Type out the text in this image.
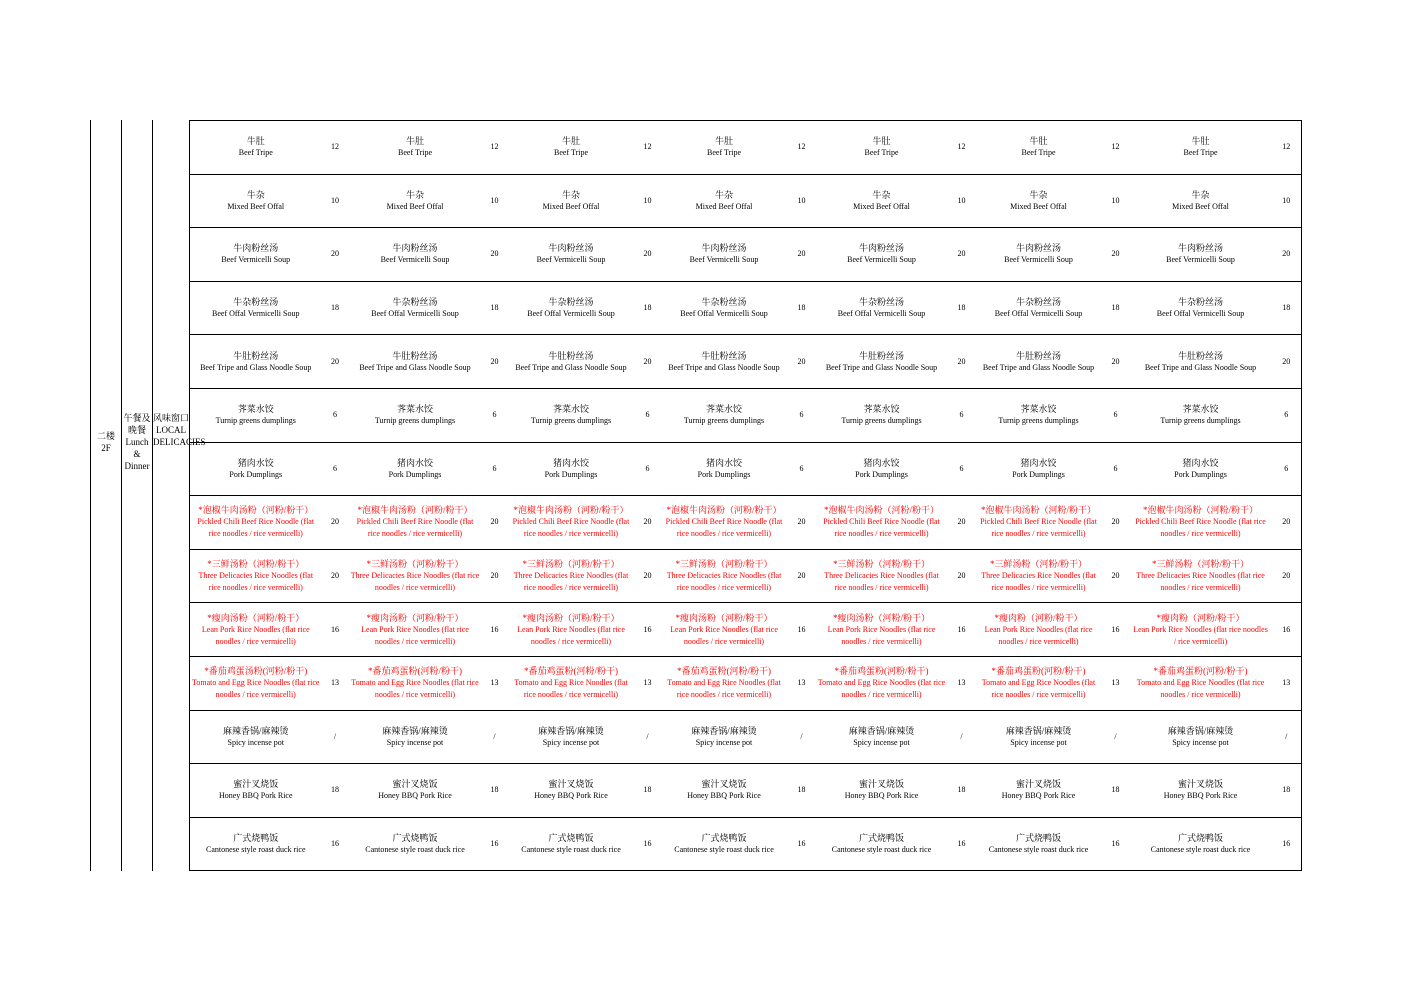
二楼
2F
午餐及晚餐
Lunch & Dinner
风味窗口
LOCAL DELICACIES
牛肚
Beef Tripe	12	牛肚
Beef Tripe	12	牛肚
Beef Tripe	12	牛肚
Beef Tripe	12	牛肚
Beef Tripe	12	牛肚
Beef Tripe	12	牛肚
Beef Tripe	12

牛杂
Mixed Beef Offal	10	牛杂
Mixed Beef Offal	10	牛杂
Mixed Beef Offal	10	牛杂
Mixed Beef Offal	10	牛杂
Mixed Beef Offal	10	牛杂
Mixed Beef Offal	10	牛杂
Mixed Beef Offal	10

牛肉粉丝汤
Beef Vermicelli Soup	20	牛肉粉丝汤
Beef Vermicelli Soup	20	牛肉粉丝汤
Beef Vermicelli Soup	20	牛肉粉丝汤
Beef Vermicelli Soup	20	牛肉粉丝汤
Beef Vermicelli Soup	20	牛肉粉丝汤
Beef Vermicelli Soup	20	牛肉粉丝汤
Beef Vermicelli Soup	20

牛杂粉丝汤
Beef Offal Vermicelli Soup	18	牛杂粉丝汤
Beef Offal Vermicelli Soup	18	牛杂粉丝汤
Beef Offal Vermicelli Soup	18	牛杂粉丝汤
Beef Offal Vermicelli Soup	18	牛杂粉丝汤
Beef Offal Vermicelli Soup	18	牛杂粉丝汤
Beef Offal Vermicelli Soup	18	牛杂粉丝汤
Beef Offal Vermicelli Soup	18

牛肚粉丝汤
Beef Tripe and Glass Noodle Soup	20	牛肚粉丝汤
Beef Tripe and Glass Noodle Soup	20	牛肚粉丝汤
Beef Tripe and Glass Noodle Soup	20	牛肚粉丝汤
Beef Tripe and Glass Noodle Soup	20	牛肚粉丝汤
Beef Tripe and Glass Noodle Soup	20	牛肚粉丝汤
Beef Tripe and Glass Noodle Soup	20	牛肚粉丝汤
Beef Tripe and Glass Noodle Soup	20

荠菜水饺
Turnip greens dumplings	6	荠菜水饺
Turnip greens dumplings	6	荠菜水饺
Turnip greens dumplings	6	荠菜水饺
Turnip greens dumplings	6	荠菜水饺
Turnip greens dumplings	6	荠菜水饺
Turnip greens dumplings	6	荠菜水饺
Turnip greens dumplings	6

猪肉水饺
Pork Dumplings	6	猪肉水饺
Pork Dumplings	6	猪肉水饺
Pork Dumplings	6	猪肉水饺
Pork Dumplings	6	猪肉水饺
Pork Dumplings	6	猪肉水饺
Pork Dumplings	6	猪肉水饺
Pork Dumplings	6

*泡椒牛肉汤粉（河粉/粉干）
Pickled Chili Beef Rice Noodle (flat rice noodles / rice vermicelli)	20	*泡椒牛肉汤粉（河粉/粉干）
Pickled Chili Beef Rice Noodle (flat rice noodles / rice vermicelli)	20	*泡椒牛肉汤粉（河粉/粉干）
Pickled Chili Beef Rice Noodle (flat rice noodles / rice vermicelli)	20	*泡椒牛肉汤粉（河粉/粉干）
Pickled Chili Beef Rice Noodle (flat rice noodles / rice vermicelli)	20	*泡椒牛肉汤粉（河粉/粉干）
Pickled Chili Beef Rice Noodle (flat rice noodles / rice vermicelli)	20	*泡椒牛肉汤粉（河粉/粉干）
Pickled Chili Beef Rice Noodle (flat rice noodles / rice vermicelli)	20	*泡椒牛肉汤粉（河粉/粉干）
Pickled Chili Beef Rice Noodle (flat rice noodles / rice vermicelli)	20

*三鲜汤粉（河粉/粉干）
Three Delicacies Rice Noodles (flat rice noodles / rice vermicelli)	20	*三鲜汤粉（河粉/粉干）
Three Delicacies Rice Noodles (flat rice noodles / rice vermicelli)	20	*三鲜汤粉（河粉/粉干）
Three Delicacies Rice Noodles (flat rice noodles / rice vermicelli)	20	*三鲜汤粉（河粉/粉干）
Three Delicacies Rice Noodles (flat rice noodles / rice vermicelli)	20	*三鲜汤粉（河粉/粉干）
Three Delicacies Rice Noodles (flat rice noodles / rice vermicelli)	20	*三鲜汤粉（河粉/粉干）
Three Delicacies Rice Noodles (flat rice noodles / rice vermicelli)	20	*三鲜汤粉（河粉/粉干）
Three Delicacies Rice Noodles (flat rice noodles / rice vermicelli)	20

*瘦肉汤粉（河粉/粉干）
Lean Pork Rice Noodles (flat rice noodles / rice vermicelli)	16	*瘦肉汤粉（河粉/粉干）
Lean Pork Rice Noodles (flat rice noodles / rice vermicelli)	16	*瘦肉汤粉（河粉/粉干）
Lean Pork Rice Noodles (flat rice noodles / rice vermicelli)	16	*瘦肉汤粉（河粉/粉干）
Lean Pork Rice Noodles (flat rice noodles / rice vermicelli)	16	*瘦肉汤粉（河粉/粉干）
Lean Pork Rice Noodles (flat rice noodles / rice vermicelli)	16	*瘦肉粉（河粉/粉干）
Lean Pork Rice Noodles (flat rice noodles / rice vermicelli)	16	*瘦肉粉（河粉/粉干）
Lean Pork Rice Noodles (flat rice noodles / rice vermicelli)	16

*番茄鸡蛋汤粉(河粉/粉干)
Tomato and Egg Rice Noodles (flat rice noodles / rice vermicelli)	13	*番茄鸡蛋粉(河粉/粉干)
Tomato and Egg Rice Noodles (flat rice noodles / rice vermicelli)	13	*番茄鸡蛋粉(河粉/粉干)
Tomato and Egg Rice Noodles (flat rice noodles / rice vermicelli)	13	*番茄鸡蛋粉(河粉/粉干)
Tomato and Egg Rice Noodles (flat rice noodles / rice vermicelli)	13	*番茄鸡蛋粉(河粉/粉干)
Tomato and Egg Rice Noodles (flat rice noodles / rice vermicelli)	13	*番茄鸡蛋粉(河粉/粉干)
Tomato and Egg Rice Noodles (flat rice noodles / rice vermicelli)	13	*番茄鸡蛋粉(河粉/粉干)
Tomato and Egg Rice Noodles (flat rice noodles / rice vermicelli)	13

麻辣香锅/麻辣烫
Spicy incense pot	/	麻辣香锅/麻辣烫
Spicy incense pot	/	麻辣香锅/麻辣烫
Spicy incense pot	/	麻辣香锅/麻辣烫
Spicy incense pot	/	麻辣香锅/麻辣烫
Spicy incense pot	/	麻辣香锅/麻辣烫
Spicy incense pot	/	麻辣香锅/麻辣烫
Spicy incense pot	/

蜜汁叉烧饭
Honey BBQ Pork Rice	18	蜜汁叉烧饭
Honey BBQ Pork Rice	18	蜜汁叉烧饭
Honey BBQ Pork Rice	18	蜜汁叉烧饭
Honey BBQ Pork Rice	18	蜜汁叉烧饭
Honey BBQ Pork Rice	18	蜜汁叉烧饭
Honey BBQ Pork Rice	18	蜜汁叉烧饭
Honey BBQ Pork Rice	18

广式烧鸭饭
Cantonese style roast duck rice	16	广式烧鸭饭
Cantonese style roast duck rice	16	广式烧鸭饭
Cantonese style roast duck rice	16	广式烧鸭饭
Cantonese style roast duck rice	16	广式烧鸭饭
Cantonese style roast duck rice	16	广式烧鸭饭
Cantonese style roast duck rice	16	广式烧鸭饭
Cantonese style roast duck rice	16
